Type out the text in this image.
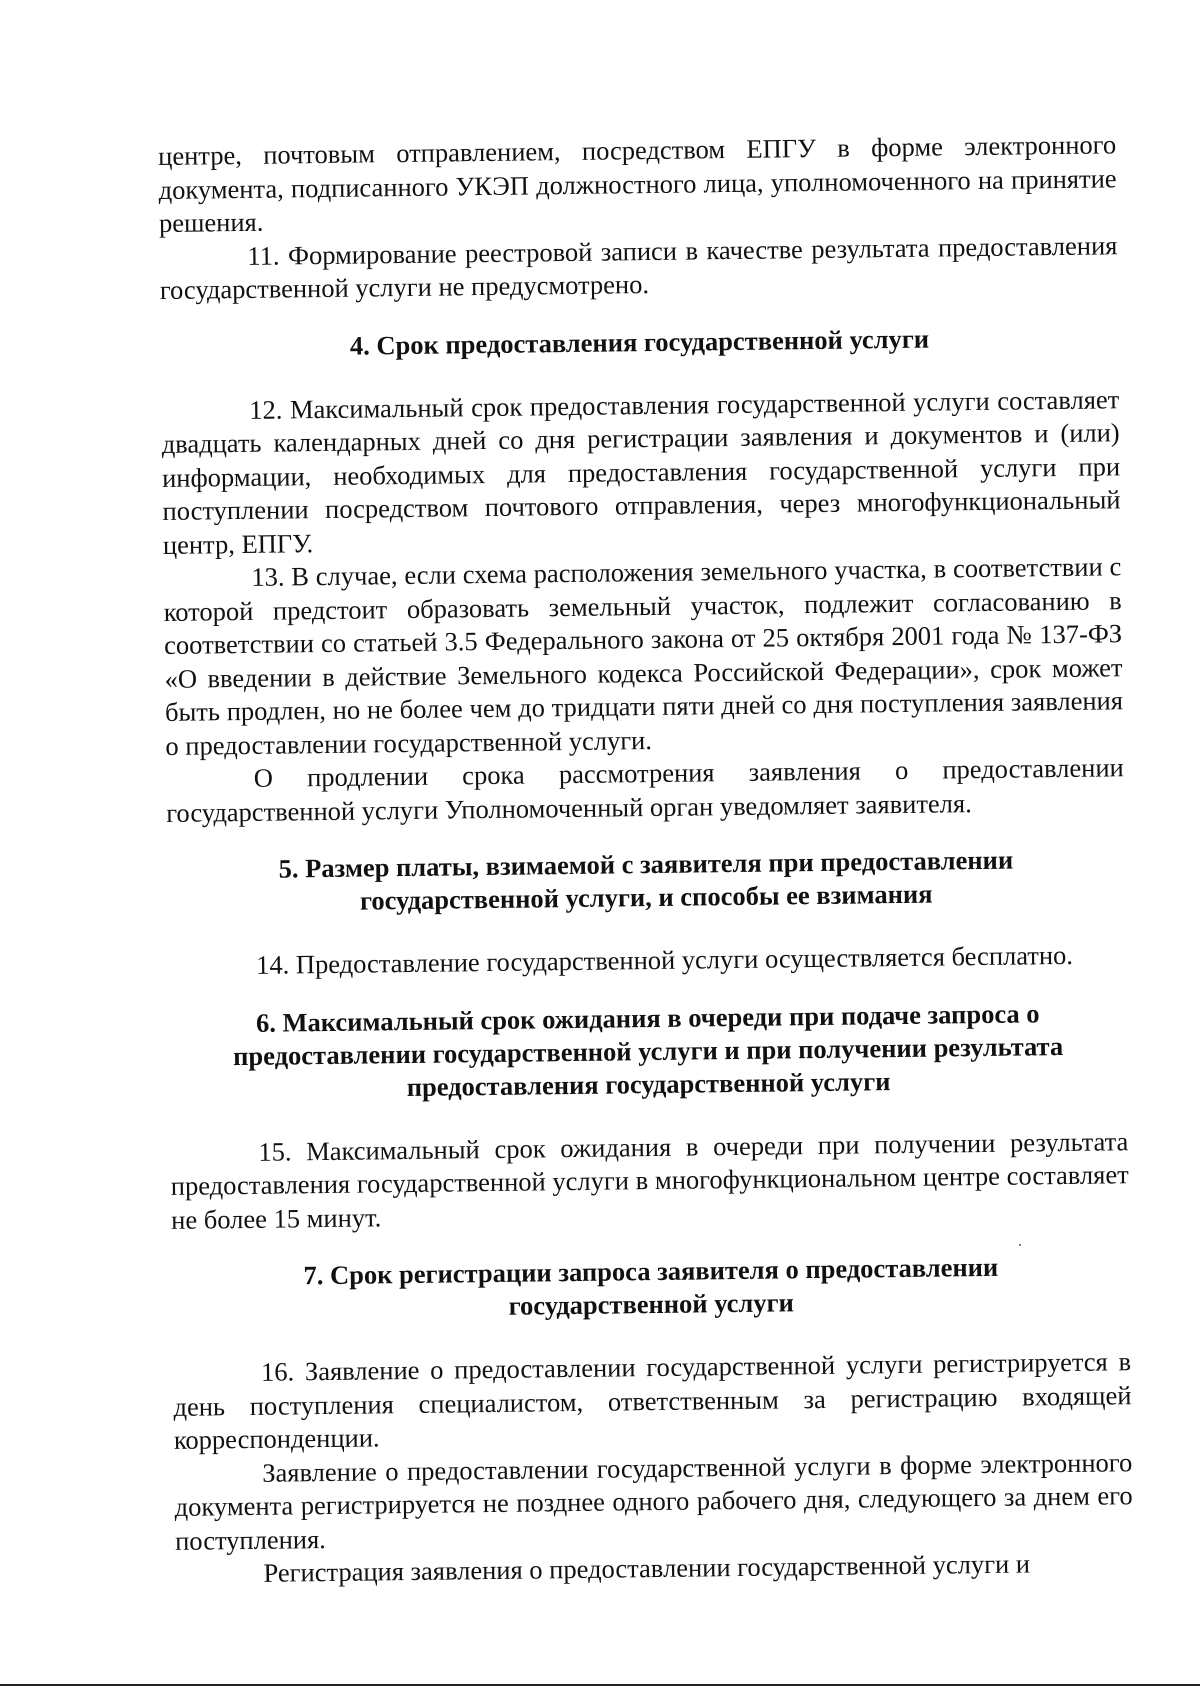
центре, почтовым отправлением, посредством ЕПГУ в форме электронного документа, подписанного УКЭП должностного лица, уполномоченного на принятие решения.

11. Формирование реестровой записи в качестве результата предоставления государственной услуги не предусмотрено.

4. Срок предоставления государственной услуги

12. Максимальный срок предоставления государственной услуги составляет двадцать календарных дней со дня регистрации заявления и документов и (или) информации, необходимых для предоставления государственной услуги при поступлении посредством почтового отправления, через многофункциональный центр, ЕПГУ.

13. В случае, если схема расположения земельного участка, в соответствии с которой предстоит образовать земельный участок, подлежит согласованию в соответствии со статьей 3.5 Федерального закона от 25 октября 2001 года № 137-ФЗ «О введении в действие Земельного кодекса Российской Федерации», срок может быть продлен, но не более чем до тридцати пяти дней со дня поступления заявления о предоставлении государственной услуги.

О продлении срока рассмотрения заявления о предоставлении государственной услуги Уполномоченный орган уведомляет заявителя.

5. Размер платы, взимаемой с заявителя при предоставлении

государственной услуги, и способы ее взимания

14. Предоставление государственной услуги осуществляется бесплатно.

6. Максимальный срок ожидания в очереди при подаче запроса о

предоставлении государственной услуги и при получении результата

предоставления государственной услуги

15. Максимальный срок ожидания в очереди при получении результата предоставления государственной услуги в многофункциональном центре составляет не более 15 минут.

7. Срок регистрации запроса заявителя о предоставлении

государственной услуги

16. Заявление о предоставлении государственной услуги регистрируется в день поступления специалистом, ответственным за регистрацию входящей корреспонденции.

Заявление о предоставлении государственной услуги в форме электронного документа регистрируется не позднее одного рабочего дня, следующего за днем его поступления.

Регистрация заявления о предоставлении государственной услуги и
